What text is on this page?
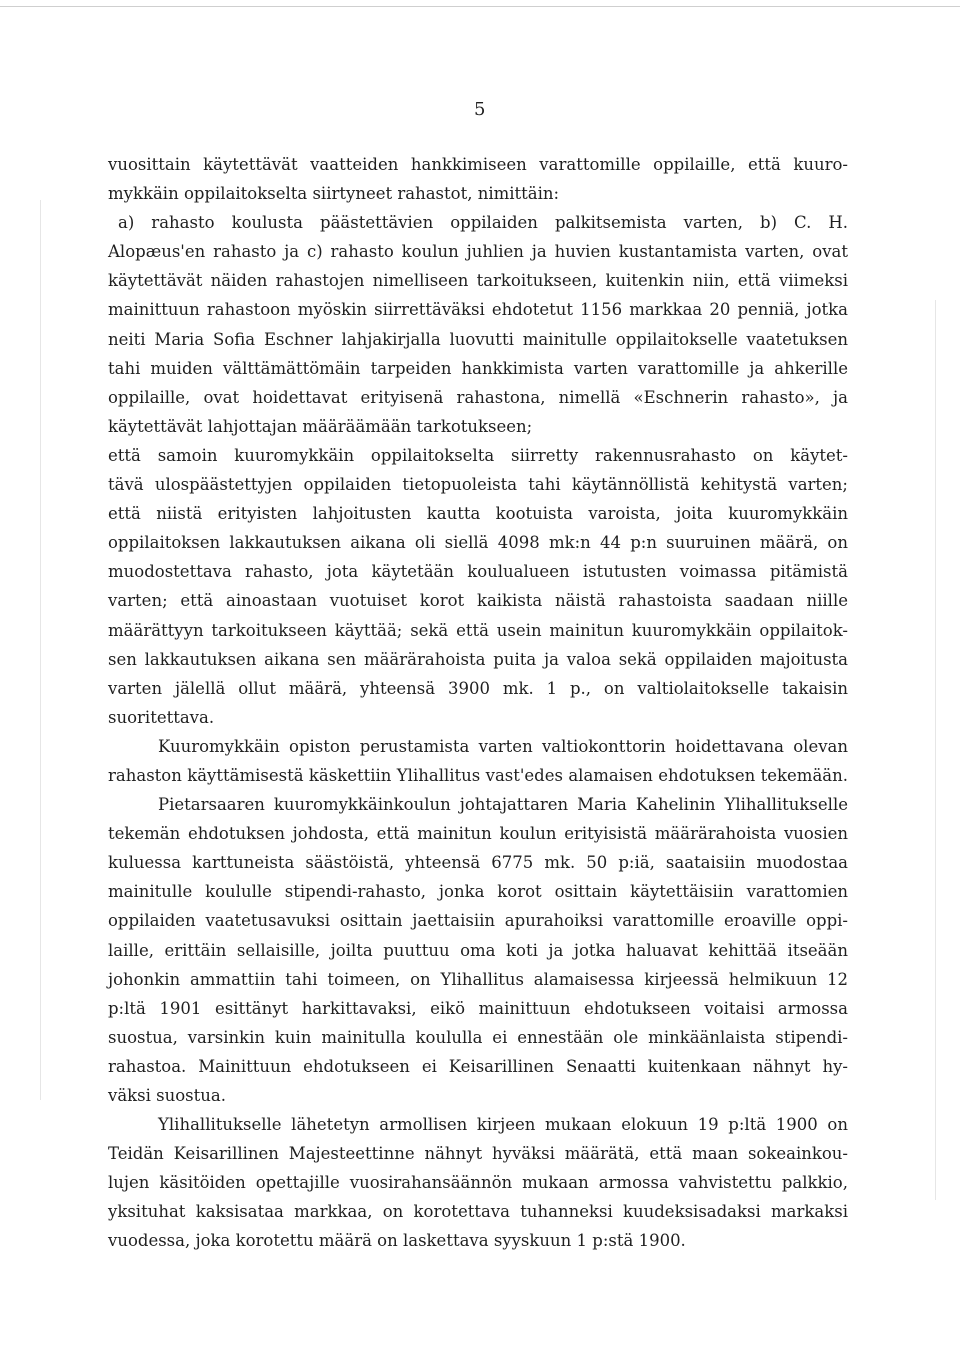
5
vuosittain käytettävät vaatteiden hankkimiseen varattomille oppilaille, että kuuro-
mykkäin oppilaitokselta siirtyneet rahastot, nimittäin:
a) rahasto koulusta päästettävien oppilaiden palkitsemista varten, b) C. H.
Alopæus'en rahasto ja c) rahasto koulun juhlien ja huvien kustantamista varten, ovat
käytettävät näiden rahastojen nimelliseen tarkoitukseen, kuitenkin niin, että viimeksi
mainittuun rahastoon myöskin siirrettäväksi ehdotetut 1156 markkaa 20 penniä, jotka
neiti Maria Sofia Eschner lahjakirjalla luovutti mainitulle oppilaitokselle vaatetuksen
tahi muiden välttämättömäin tarpeiden hankkimista varten varattomille ja ahkerille
oppilaille, ovat hoidettavat erityisenä rahastona, nimellä «Eschnerin rahasto», ja
käytettävät lahjottajan määräämään tarkotukseen;
että samoin kuuromykkäin oppilaitokselta siirretty rakennusrahasto on käytet-
tävä ulospäästettyjen oppilaiden tietopuoleista tahi käytännöllistä kehitystä varten;
että niistä erityisten lahjoitusten kautta kootuista varoista, joita kuuromykkäin
oppilaitoksen lakkautuksen aikana oli siellä 4098 mk:n 44 p:n suuruinen määrä, on
muodostettava rahasto, jota käytetään koulualueen istutusten voimassa pitämistä
varten; että ainoastaan vuotuiset korot kaikista näistä rahastoista saadaan niille
määrättyyn tarkoitukseen käyttää; sekä että usein mainitun kuuromykkäin oppilaitok-
sen lakkautuksen aikana sen määrärahoista puita ja valoa sekä oppilaiden majoitusta
varten jälellä ollut määrä, yhteensä 3900 mk. 1 p., on valtiolaitokselle takaisin
suoritettava.
Kuuromykkäin opiston perustamista varten valtiokonttorin hoidettavana olevan
rahaston käyttämisestä käskettiin Ylihallitus vast'edes alamaisen ehdotuksen tekemään.
Pietarsaaren kuuromykkäinkoulun johtajattaren Maria Kahelinin Ylihallitukselle
tekemän ehdotuksen johdosta, että mainitun koulun erityisistä määrärahoista vuosien
kuluessa karttuneista säästöistä, yhteensä 6775 mk. 50 p:iä, saataisiin muodostaa
mainitulle koululle stipendi-rahasto, jonka korot osittain käytettäisiin varattomien
oppilaiden vaatetusavuksi osittain jaettaisiin apurahoiksi varattomille eroaville oppi-
laille, erittäin sellaisille, joilta puuttuu oma koti ja jotka haluavat kehittää itseään
johonkin ammattiin tahi toimeen, on Ylihallitus alamaisessa kirjeessä helmikuun 12
p:ltä 1901 esittänyt harkittavaksi, eikö mainittuun ehdotukseen voitaisi armossa
suostua, varsinkin kuin mainitulla koululla ei ennestään ole minkäänlaista stipendi-
rahastoa. Mainittuun ehdotukseen ei Keisarillinen Senaatti kuitenkaan nähnyt hy-
väksi suostua.
Ylihallitukselle lähetetyn armollisen kirjeen mukaan elokuun 19 p:ltä 1900 on
Teidän Keisarillinen Majesteettinne nähnyt hyväksi määrätä, että maan sokeainkou-
lujen käsitöiden opettajille vuosirahansäännön mukaan armossa vahvistettu palkkio,
yksituhat kaksisataa markkaa, on korotettava tuhanneksi kuudeksisadaksi markaksi
vuodessa, joka korotettu määrä on laskettava syyskuun 1 p:stä 1900.
